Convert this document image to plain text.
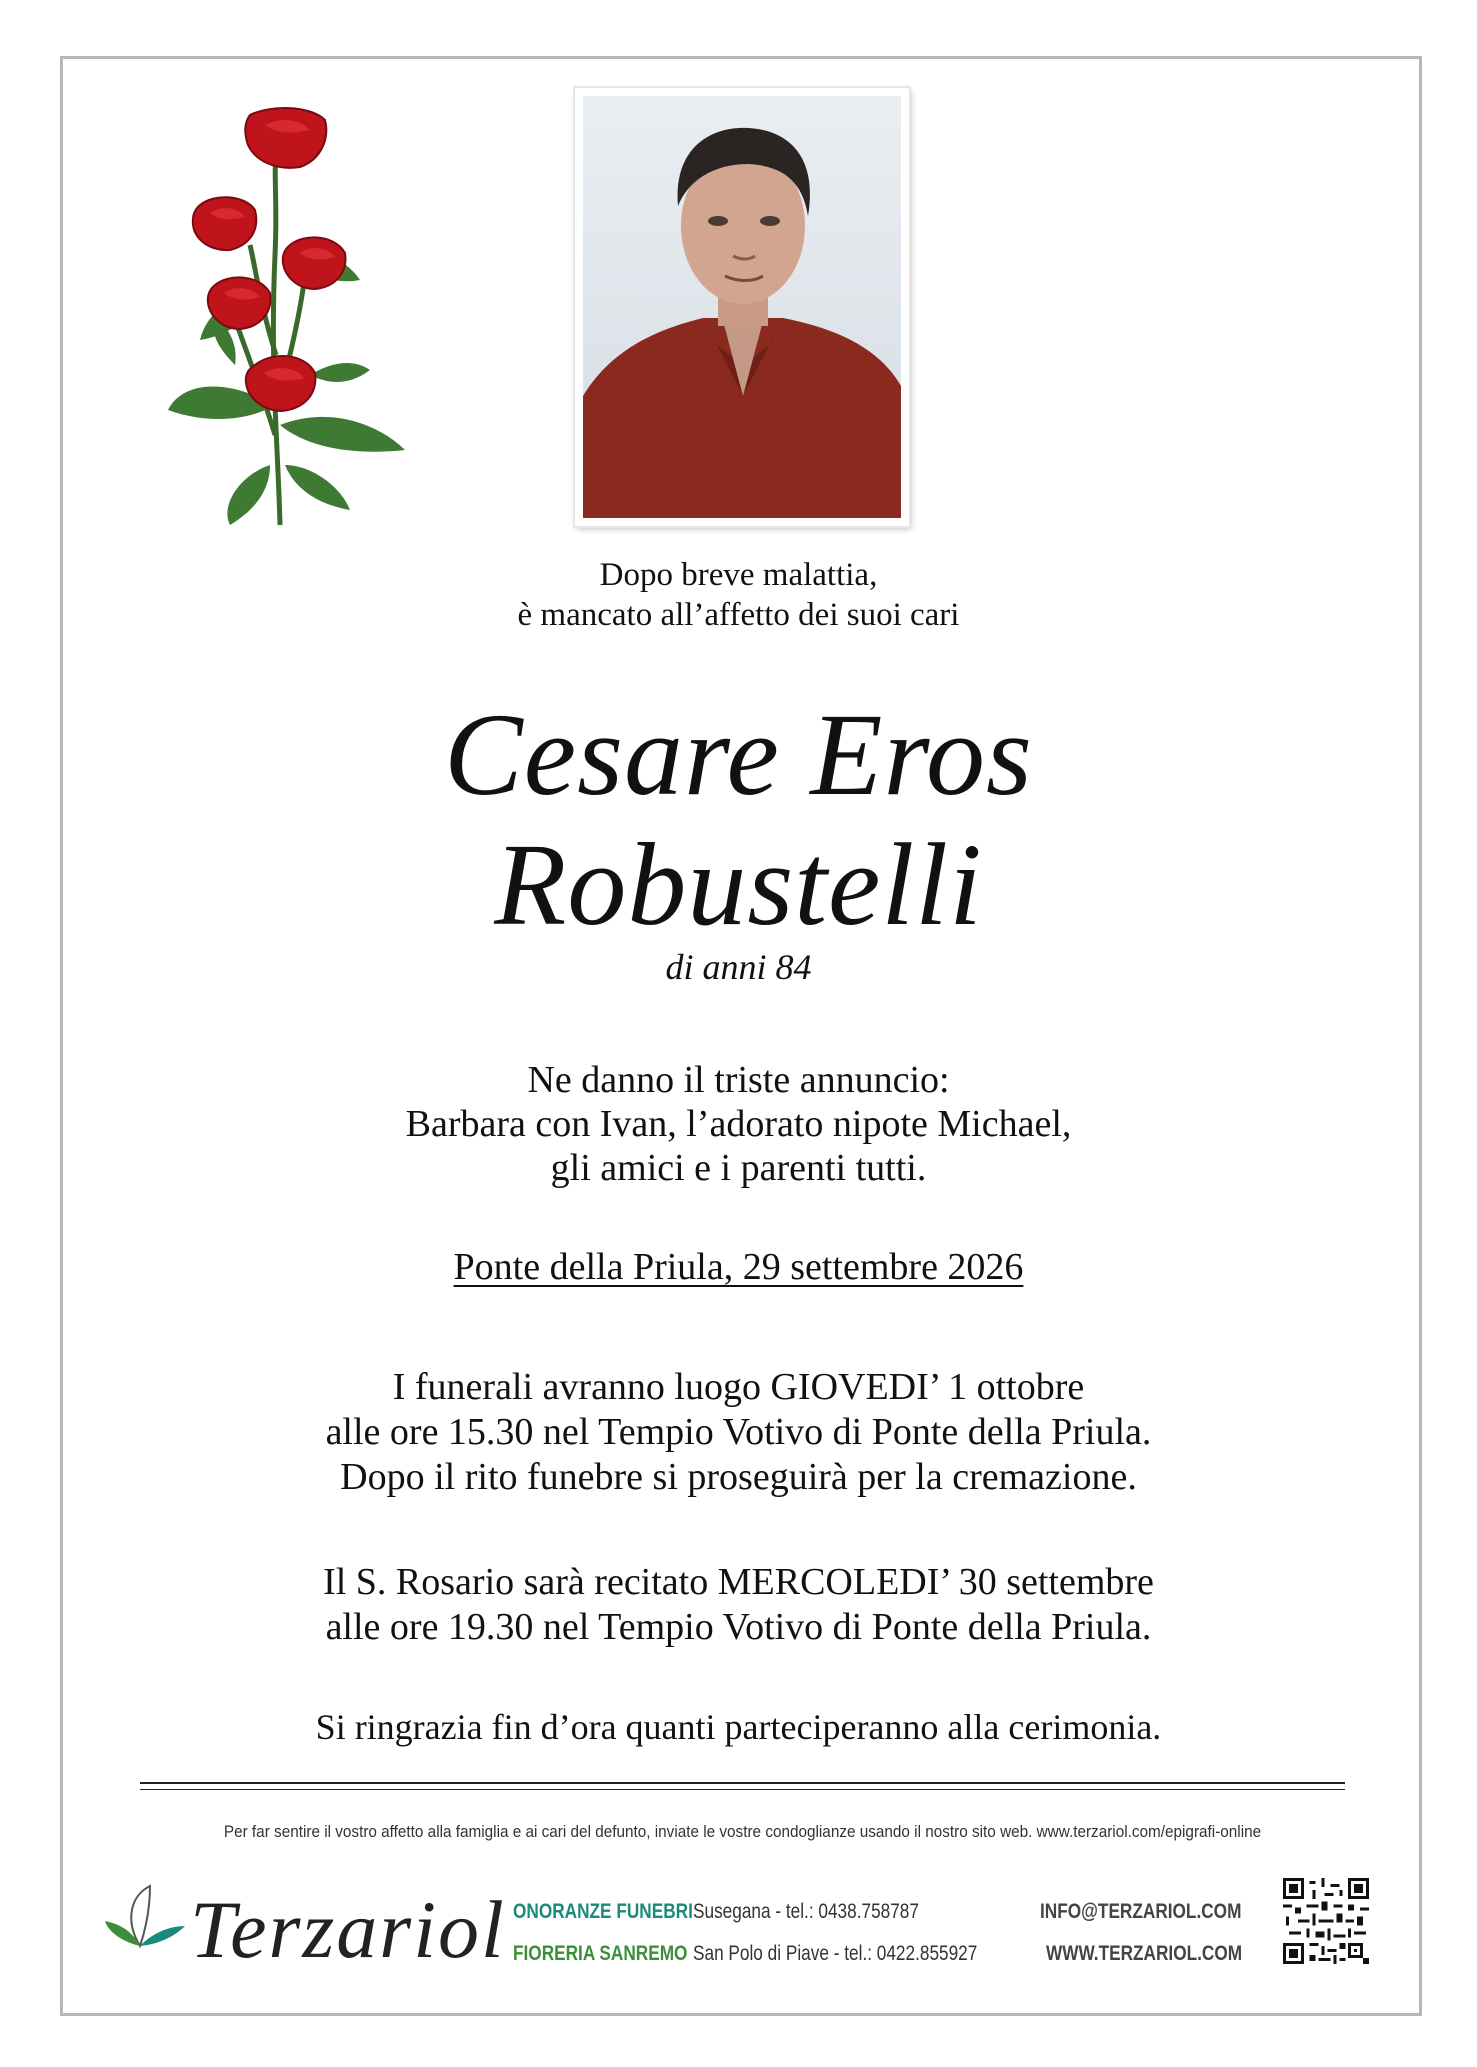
Dopo breve malattia,
è mancato all’affetto dei suoi cari
Cesare Eros
Robustelli
di anni 84
Ne danno il triste annuncio:
Barbara con Ivan, l’adorato nipote Michael,
gli amici e i parenti tutti.
Ponte della Priula, 29 settembre 2026
I funerali avranno luogo GIOVEDI’ 1 ottobre
alle ore 15.30 nel Tempio Votivo di Ponte della Priula.
Dopo il rito funebre si proseguirà per la cremazione.
Il S. Rosario sarà recitato MERCOLEDI’ 30 settembre
alle ore 19.30 nel Tempio Votivo di Ponte della Priula.
Si ringrazia fin d’ora quanti parteciperanno alla cerimonia.
Per far sentire il vostro affetto alla famiglia e ai cari del defunto, inviate le vostre condoglianze usando il nostro sito web. www.terzariol.com/epigrafi-online
Terzariol ONORANZE FUNEBRI
FIORERIA SANREMO
Susegana - tel.: 0438.758787
San Polo di Piave - tel.: 0422.855927
INFO@TERZARIOL.COM
WWW.TERZARIOL.COM
